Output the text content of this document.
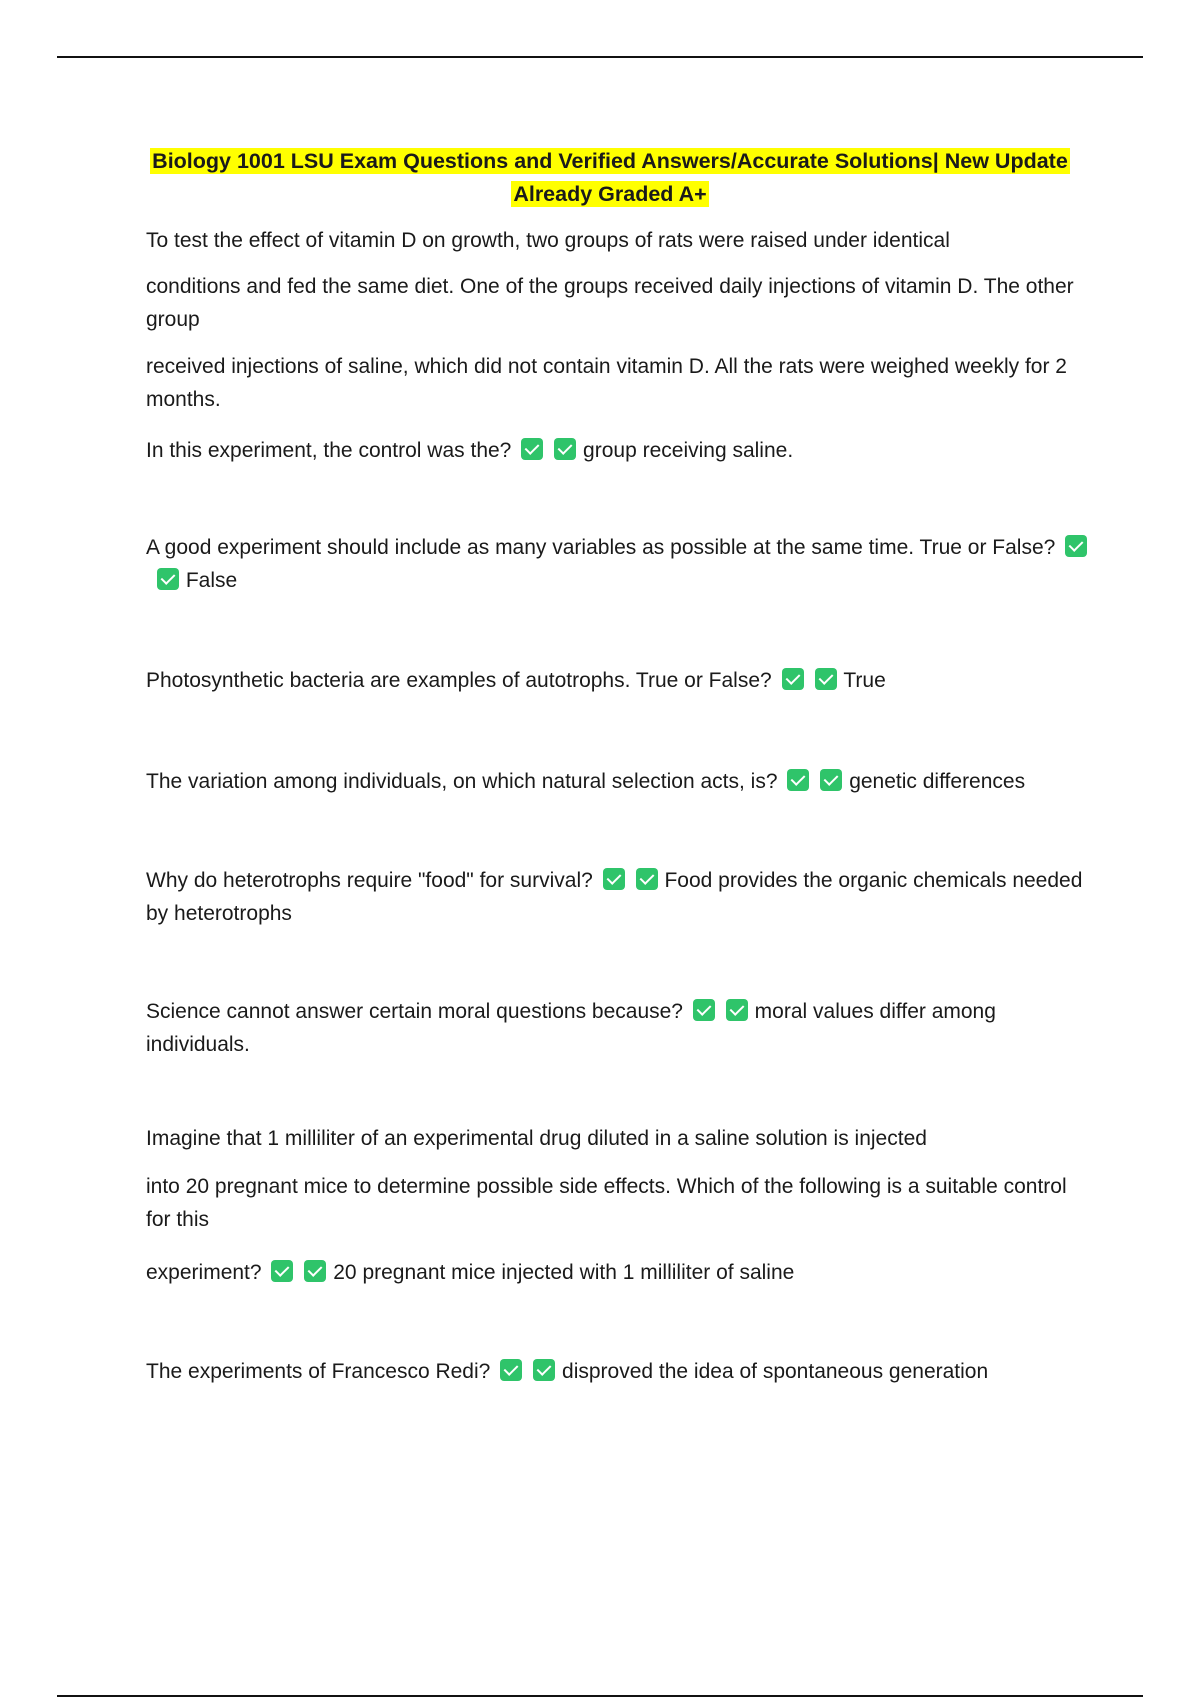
Biology 1001 LSU Exam Questions and Verified Answers/Accurate Solutions| New Update
Already Graded A+

To test the effect of vitamin D on growth, two groups of rats were raised under identical

conditions and fed the same diet. One of the groups received daily injections of vitamin D. The other group

received injections of saline, which did not contain vitamin D. All the rats were weighed weekly for 2 months.

In this experiment, the control was the?	group receiving saline.

A good experiment should include as many variables as possible at the same time. True or False?  False

Photosynthetic bacteria are examples of autotrophs. True or False?	True

The variation among individuals, on which natural selection acts, is?	genetic differences

Why do heterotrophs require "food" for survival?	Food provides the organic chemicals needed by heterotrophs

Science cannot answer certain moral questions because?	moral values differ among individuals.

Imagine that 1 milliliter of an experimental drug diluted in a saline solution is injected

into 20 pregnant mice to determine possible side effects. Which of the following is a suitable control for this

experiment?	20 pregnant mice injected with 1 milliliter of saline

The experiments of Francesco Redi?	disproved the idea of spontaneous generation
